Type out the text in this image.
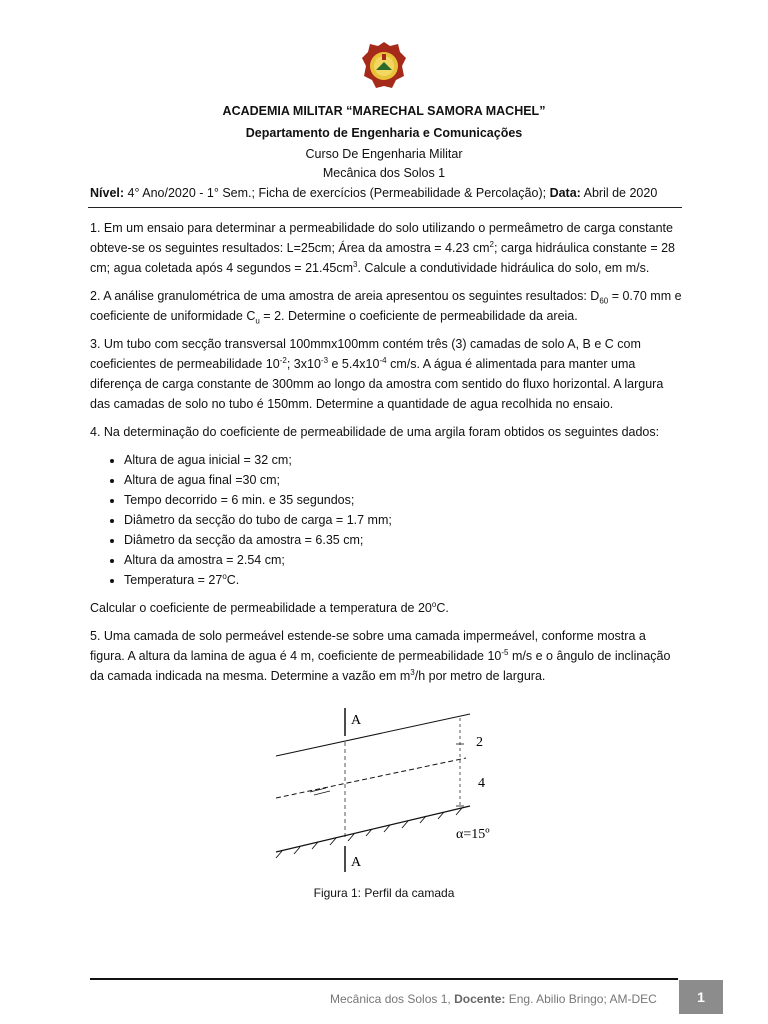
ACADEMIA MILITAR “MARECHAL SAMORA MACHEL”
Departamento de Engenharia e Comunicações
Curso De Engenharia Militar
Mecânica dos Solos 1
Nível: 4° Ano/2020 - 1° Sem.; Ficha de exercícios (Permeabilidade & Percolação); Data: Abril de 2020

1. Em um ensaio para determinar a permeabilidade do solo utilizando o permeâmetro de carga constante obteve-se os seguintes resultados: L=25cm; Área da amostra = 4.23 $cm^2$; carga hidráulica constante = 28 cm; agua coletada após 4 segundos = $21.45cm^3$. Calcule a condutividade hidráulica do solo, em m/s.

2. A análise granulométrica de uma amostra de areia apresentou os seguintes resultados: $D_{60} = 0.70$ mm e coeficiente de uniformidade $C_u = 2$. Determine o coeficiente de permeabilidade da areia.

3. Um tubo com secção transversal 100mmx100mm contém três (3) camadas de solo A, B e C com coeficientes de permeabilidade $10^{-2}$; $3x10^{-3}$ e $5.4x10^{-4}$ cm/s. A água é alimentada para manter uma diferença de carga constante de 300mm ao longo da amostra com sentido do fluxo horizontal. A largura das camadas de solo no tubo é 150mm. Determine a quantidade de agua recolhida no ensaio.

4. Na determinação do coeficiente de permeabilidade de uma argila foram obtidos os seguintes dados:

• Altura de agua inicial = 32 cm;
• Altura de agua final =30 cm;
• Tempo decorrido = 6 min. e 35 segundos;
• Diâmetro da secção do tubo de carga = 1.7 mm;
• Diâmetro da secção da amostra = 6.35 cm;
• Altura da amostra = 2.54 cm;
• Temperatura = $27^oC$.

Calcular o coeficiente de permeabilidade a temperatura de 20$^o$C.

5. Uma camada de solo permeável estende-se sobre uma camada impermeável, conforme mostra a figura. A altura da lamina de agua é 4 m, coeficiente de permeabilidade $10^{-5}$ m/s e o ângulo de inclinação da camada indicada na mesma. Determine a vazão em $m^3/h$ por metro de largura.

A
A
2
4
α=15º
Figura 1: Perfil da camada
Mecânica dos Solos 1, Docente: Eng. Abilio Bringo; AM-DEC	1
